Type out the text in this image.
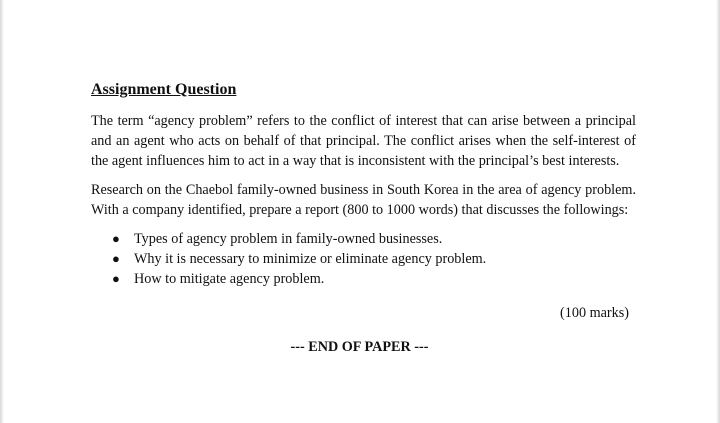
Assignment Question

The term “agency problem” refers to the conflict of interest that can arise between a principal and an agent who acts on behalf of that principal. The conflict arises when the self-interest of the agent influences him to act in a way that is inconsistent with the principal’s best interests.

Research on the Chaebol family-owned business in South Korea in the area of agency problem. With a company identified, prepare a report (800 to 1000 words) that discusses the followings:

● Types of agency problem in family-owned businesses.
● Why it is necessary to minimize or eliminate agency problem.
● How to mitigate agency problem.
(100 marks)
--- END OF PAPER ---
